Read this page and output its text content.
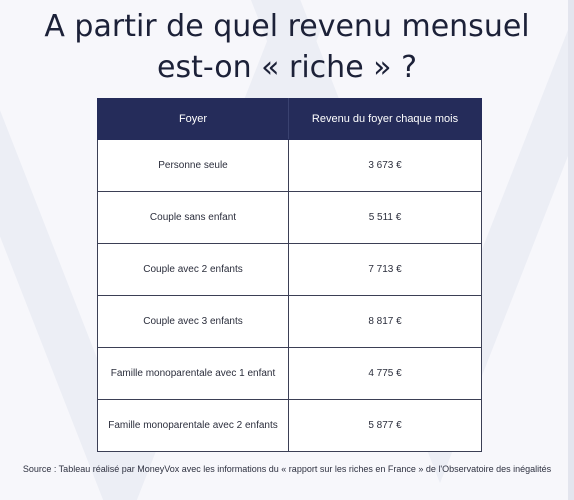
A partir de quel revenu mensuel
est-on « riche » ?
Foyer	Revenu du foyer chaque mois
Personne seule	3 673 €
Couple sans enfant	5 511 €
Couple avec 2 enfants	7 713 €
Couple avec 3 enfants	8 817 €
Famille monoparentale avec 1 enfant	4 775 €
Famille monoparentale avec 2 enfants	5 877 €

Source : Tableau réalisé par MoneyVox avec les informations du « rapport sur les riches en France » de l'Observatoire des inégalités
